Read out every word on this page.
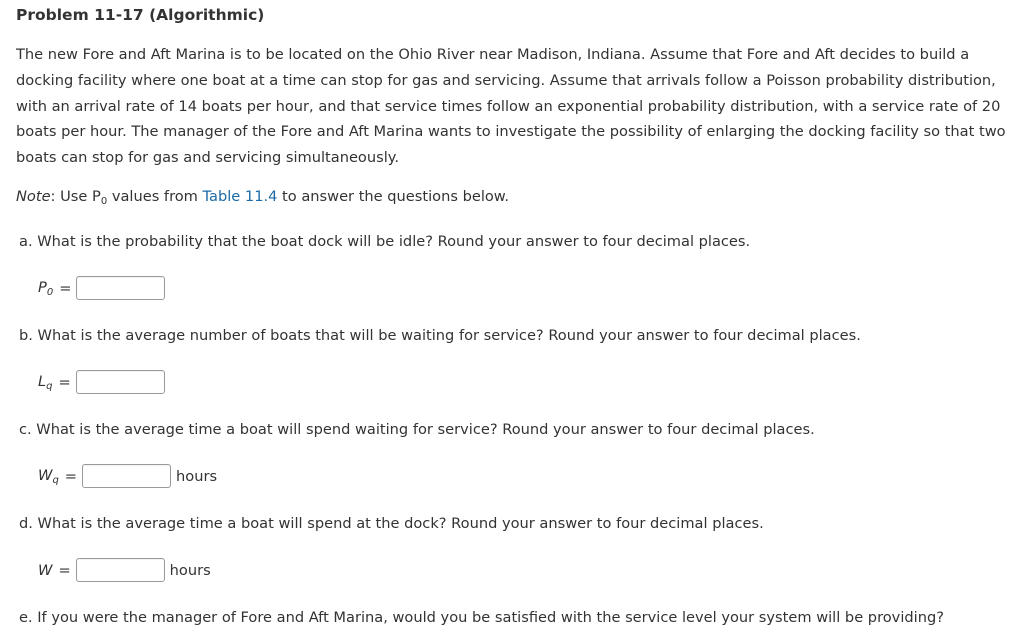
Problem 11-17 (Algorithmic)

The new Fore and Aft Marina is to be located on the Ohio River near Madison, Indiana. Assume that Fore and Aft decides to build a docking facility where one boat at a time can stop for gas and servicing. Assume that arrivals follow a Poisson probability distribution, with an arrival rate of 14 boats per hour, and that service times follow an exponential probability distribution, with a service rate of 20 boats per hour. The manager of the Fore and Aft Marina wants to investigate the possibility of enlarging the docking facility so that two boats can stop for gas and servicing simultaneously.

Note: Use $P_0$ values from Table 11.4 to answer the questions below.
a. What is the probability that the boat dock will be idle? Round your answer to four decimal places.
$P_0$ =
b. What is the average number of boats that will be waiting for service? Round your answer to four decimal places.
$L_q$ =
c. What is the average time a boat will spend waiting for service? Round your answer to four decimal places.
$W_q$ =	hours
d. What is the average time a boat will spend at the dock? Round your answer to four decimal places.
W =	hours
e. If you were the manager of Fore and Aft Marina, would you be satisfied with the service level your system will be providing?
